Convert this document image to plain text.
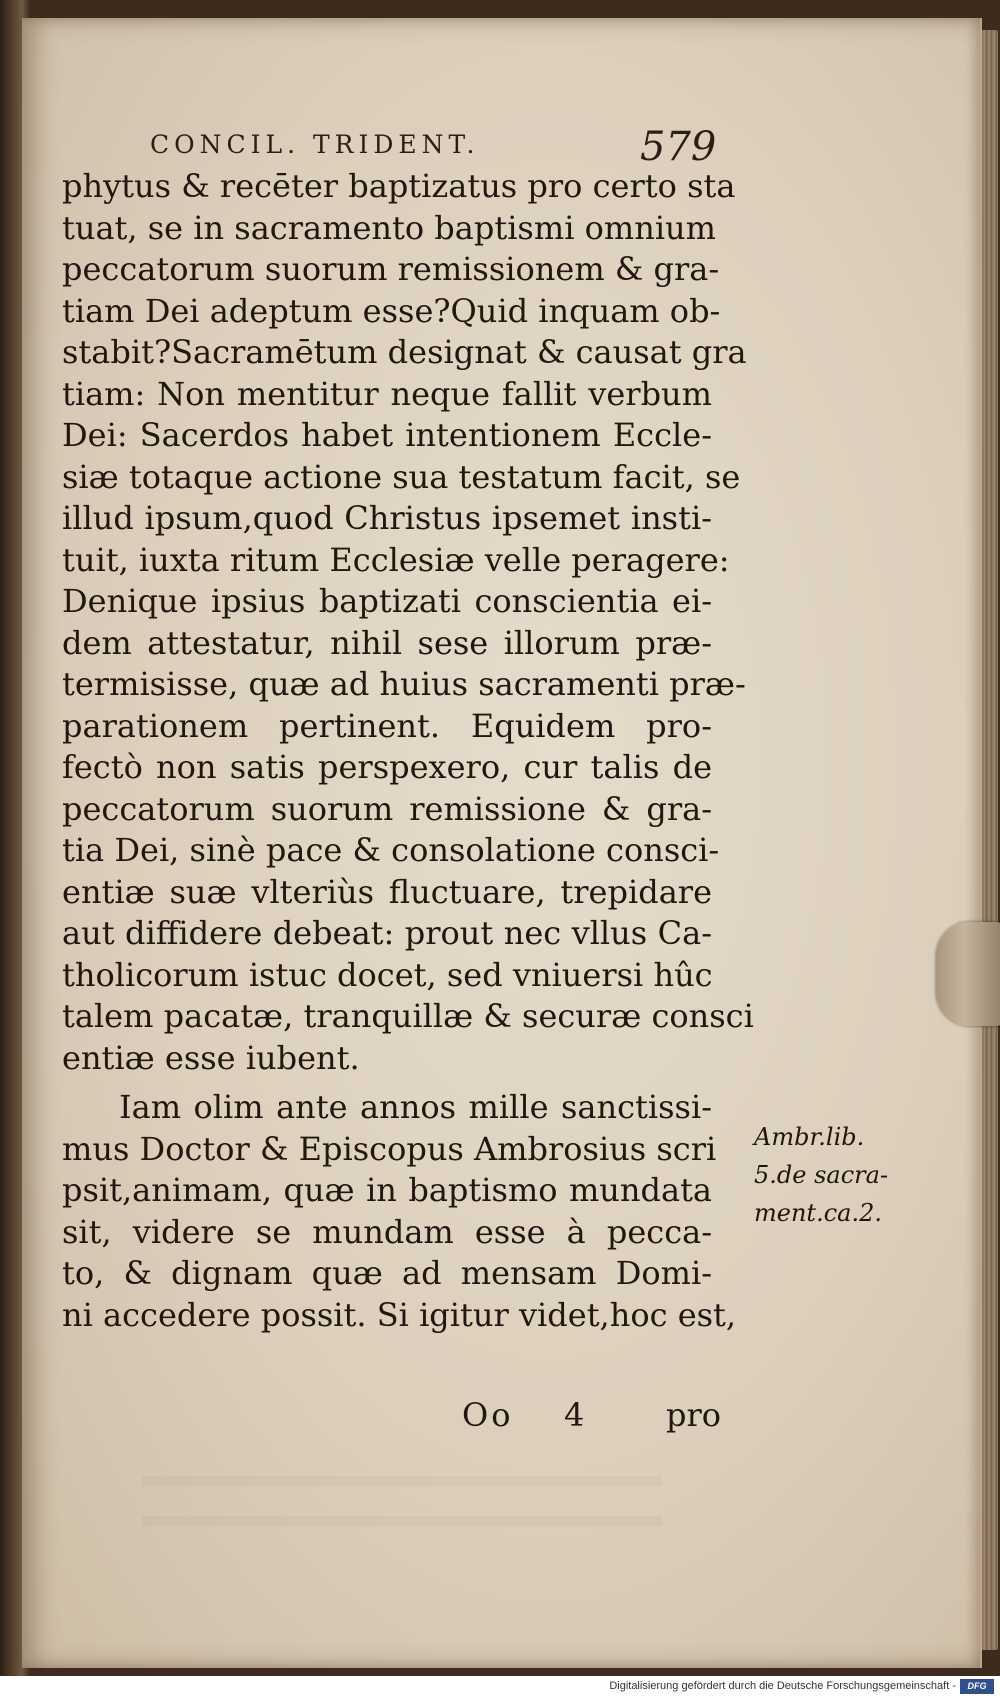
CONCIL. TRIDENT.	579
phytus & recēter baptizatus pro certo sta
tuat, se in sacramento baptismi omnium
peccatorum suorum remissionem & gra-
tiam Dei adeptum esse?Quid inquam ob-
stabit?Sacramētum designat & causat gra
tiam: Non mentitur neque fallit verbum
Dei: Sacerdos habet intentionem Eccle-
siæ totaque actione sua testatum facit, se
illud ipsum,quod Christus ipsemet insti-
tuit, iuxta ritum Ecclesiæ velle peragere:
Denique ipsius baptizati conscientia ei-
dem attestatur, nihil sese illorum præ-
termisisse, quæ ad huius sacramenti præ-
parationem pertinent. Equidem pro-
fectò non satis perspexero, cur talis de
peccatorum suorum remissione & gra-
tia Dei, sinè pace & consolatione consci-
entiæ suæ vlteriùs fluctuare, trepidare
aut diffidere debeat: prout nec vllus Ca-
tholicorum istuc docet, sed vniuersi hûc
talem pacatæ, tranquillæ & securæ consci
entiæ esse iubent.
Iam olim ante annos mille sanctissi-
mus Doctor & Episcopus Ambrosius scri
psit,animam, quæ in baptismo mundata
sit, videre se mundam esse à pecca-
to, & dignam quæ ad mensam Domi-
ni accedere possit. Si igitur videt,hoc est,
Ambr.lib.
5.de sacra-
ment.ca.2.
Oo 4	pro
Digitalisierung gefördert durch die Deutsche Forschungsgemeinschaft -	DFG
